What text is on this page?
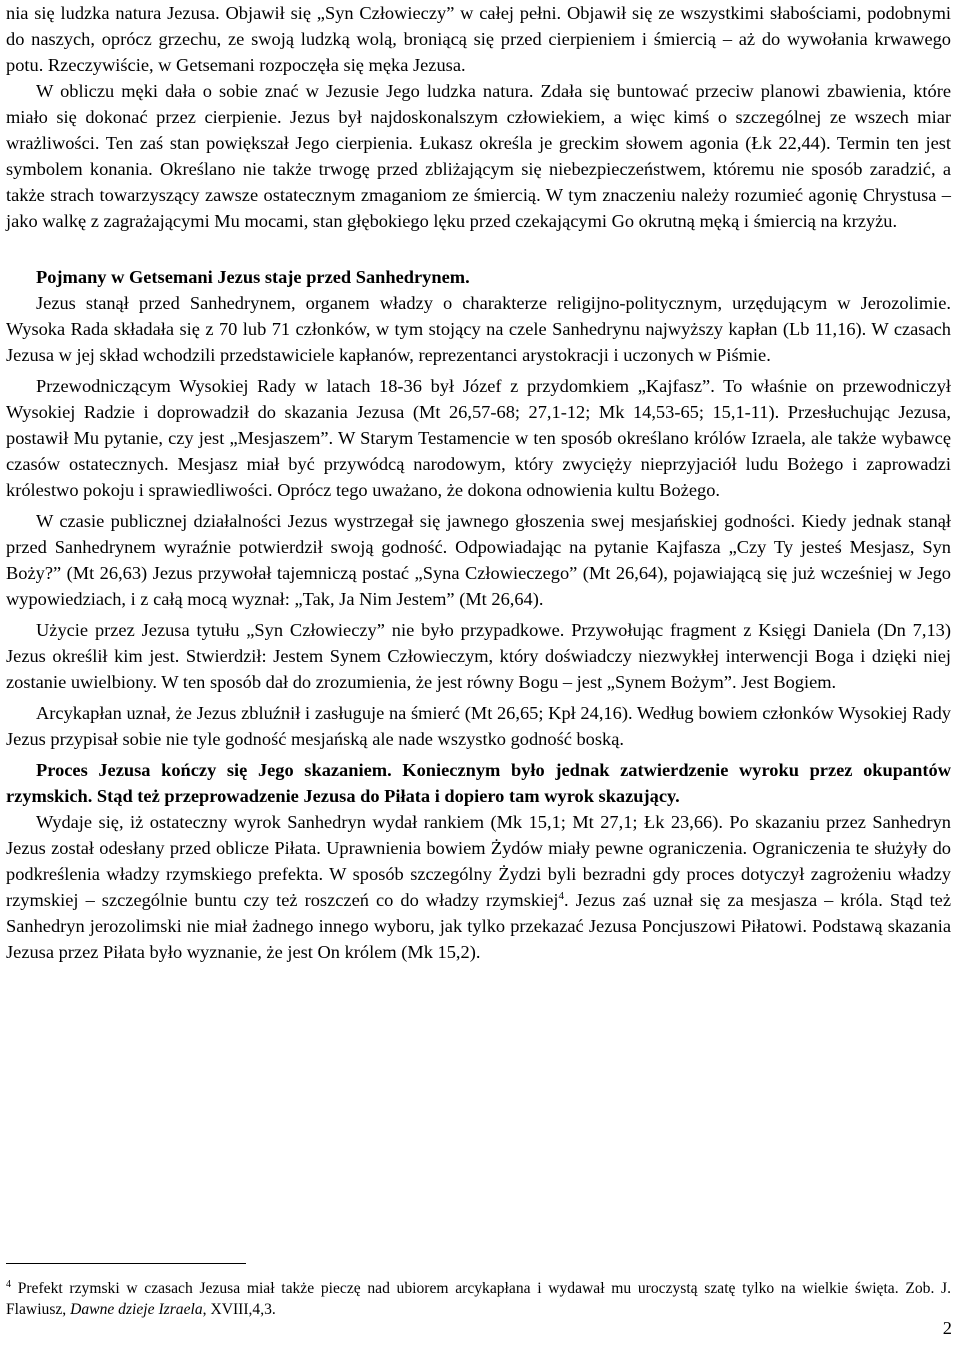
nia się ludzka natura Jezusa. Objawił się „Syn Człowieczy” w całej pełni. Objawił się ze wszystkimi słabościami, podobnymi do naszych, oprócz grzechu, ze swoją ludzką wolą, broniącą się przed cierpieniem i śmiercią – aż do wywołania krwawego potu. Rzeczywiście, w Getsemani rozpoczęła się męka Jezusa.

W obliczu męki dała o sobie znać w Jezusie Jego ludzka natura. Zdała się buntować przeciw planowi zbawienia, które miało się dokonać przez cierpienie. Jezus był najdoskonalszym człowiekiem, a więc kimś o szczególnej ze wszech miar wrażliwości. Ten zaś stan powiększał Jego cierpienia. Łukasz określa je greckim słowem agonia (Łk 22,44). Termin ten jest symbolem konania. Określano nie także trwogę przed zbliżającym się niebezpieczeństwem, któremu nie sposób zaradzić, a także strach towarzyszący zawsze ostatecznym zmaganiom ze śmiercią. W tym znaczeniu należy rozumieć agonię Chrystusa – jako walkę z zagrażającymi Mu mocami, stan głębokiego lęku przed czekającymi Go okrutną męką i śmiercią na krzyżu.

Pojmany w Getsemani Jezus staje przed Sanhedrynem.

Jezus stanął przed Sanhedrynem, organem władzy o charakterze religijno-politycznym, urzędującym w Jerozolimie. Wysoka Rada składała się z 70 lub 71 członków, w tym stojący na czele Sanhedrynu najwyższy kapłan (Lb 11,16). W czasach Jezusa w jej skład wchodzili przedstawiciele kapłanów, reprezentanci arystokracji i uczonych w Piśmie.

Przewodniczącym Wysokiej Rady w latach 18-36 był Józef z przydomkiem „Kajfasz”. To właśnie on przewodniczył Wysokiej Radzie i doprowadził do skazania Jezusa (Mt 26,57-68; 27,1-12; Mk 14,53-65; 15,1-11). Przesłuchując Jezusa, postawił Mu pytanie, czy jest „Mesjaszem”. W Starym Testamencie w ten sposób określano królów Izraela, ale także wybawcę czasów ostatecznych. Mesjasz miał być przywódcą narodowym, który zwycięży nieprzyjaciół ludu Bożego i zaprowadzi królestwo pokoju i sprawiedliwości. Oprócz tego uważano, że dokona odnowienia kultu Bożego.

W czasie publicznej działalności Jezus wystrzegał się jawnego głoszenia swej mesjańskiej godności. Kiedy jednak stanął przed Sanhedrynem wyraźnie potwierdził swoją godność. Odpowiadając na pytanie Kajfasza „Czy Ty jesteś Mesjasz, Syn Boży?” (Mt 26,63) Jezus przywołał tajemniczą postać „Syna Człowieczego” (Mt 26,64), pojawiającą się już wcześniej w Jego wypowiedziach, i z całą mocą wyznał: „Tak, Ja Nim Jestem” (Mt 26,64).

Użycie przez Jezusa tytułu „Syn Człowieczy” nie było przypadkowe. Przywołując fragment z Księgi Daniela (Dn 7,13) Jezus określił kim jest. Stwierdził: Jestem Synem Człowieczym, który doświadczy niezwykłej interwencji Boga i dzięki niej zostanie uwielbiony. W ten sposób dał do zrozumienia, że jest równy Bogu – jest „Synem Bożym”. Jest Bogiem.

Arcykapłan uznał, że Jezus zbluźnił i zasługuje na śmierć (Mt 26,65; Kpł 24,16). Według bowiem członków Wysokiej Rady Jezus przypisał sobie nie tyle godność mesjańską ale nade wszystko godność boską.

Proces Jezusa kończy się Jego skazaniem. Koniecznym było jednak zatwierdzenie wyroku przez okupantów rzymskich. Stąd też przeprowadzenie Jezusa do Piłata i dopiero tam wyrok skazujący.

Wydaje się, iż ostateczny wyrok Sanhedryn wydał rankiem (Mk 15,1; Mt 27,1; Łk 23,66). Po skazaniu przez Sanhedryn Jezus został odesłany przed oblicze Piłata. Uprawnienia bowiem Żydów miały pewne ograniczenia. Ograniczenia te służyły do podkreślenia władzy rzymskiego prefekta. W sposób szczególny Żydzi byli bezradni gdy proces dotyczył zagrożeniu władzy rzymskiej – szczególnie buntu czy też roszczeń co do władzy rzymskiej$^4$. Jezus zaś uznał się za mesjasza – króla. Stąd też Sanhedryn jerozolimski nie miał żadnego innego wyboru, jak tylko przekazać Jezusa Poncjuszowi Piłatowi. Podstawą skazania Jezusa przez Piłata było wyznanie, że jest On królem (Mk 15,2).

$^4$ Prefekt rzymski w czasach Jezusa miał także pieczę nad ubiorem arcykapłana i wydawał mu uroczystą szatę tylko na wielkie święta. Zob. J. Flawiusz, Dawne dzieje Izraela, XVIII,4,3.

2
